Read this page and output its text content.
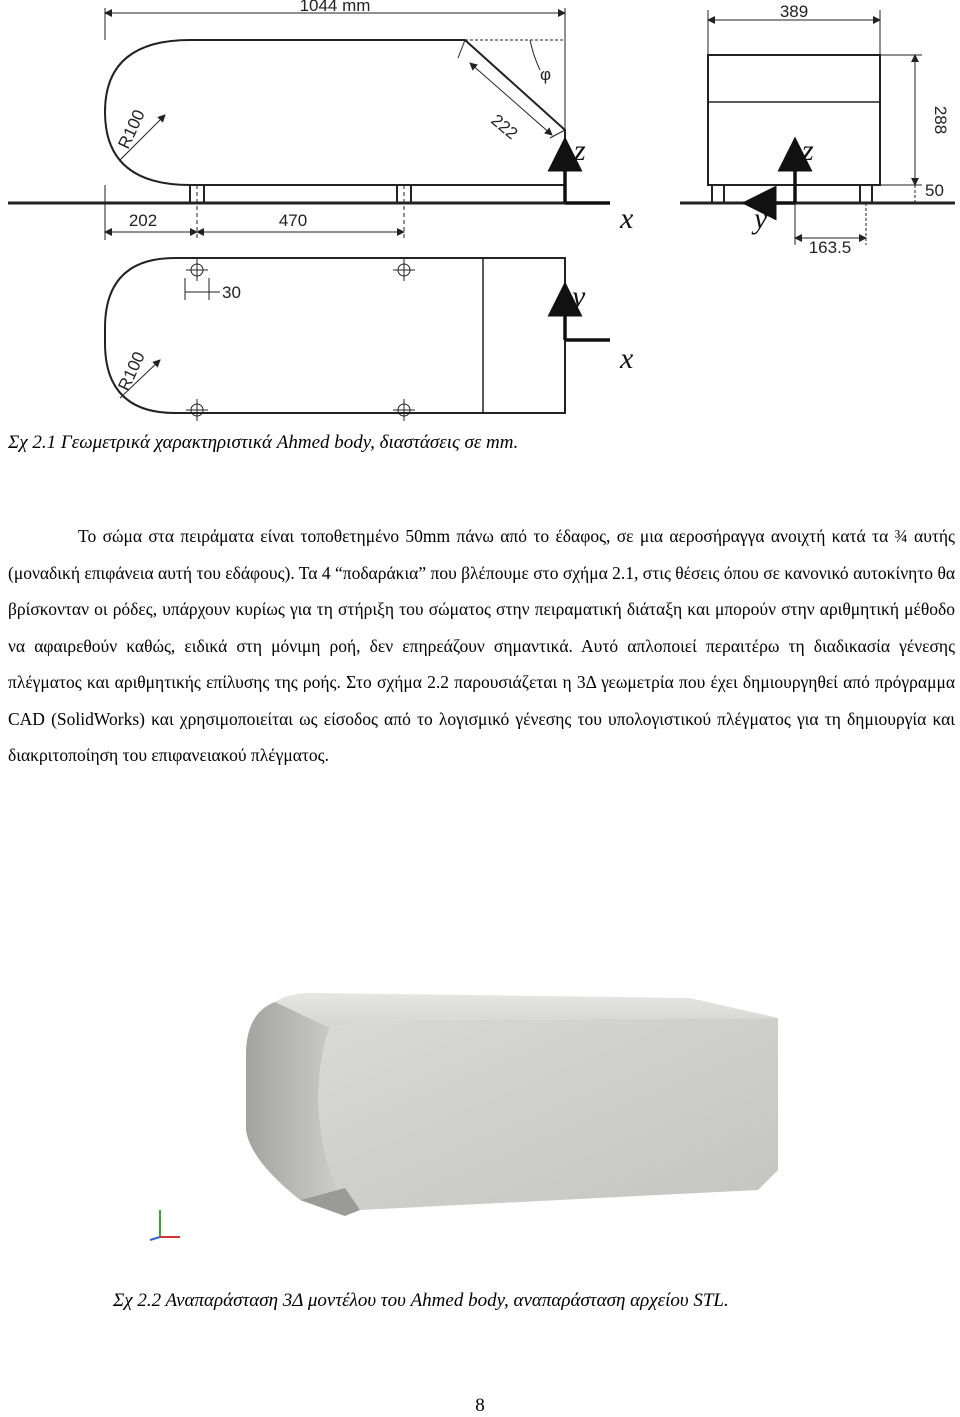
1044 mm
202	470
222
φ
R100	z
x
389
288
50
163.5
z
y
30
R100
y
x
Σχ 2.1 Γεωμετρικά χαρακτηριστικά Ahmed body, διαστάσεις σε mm.

Το σώμα στα πειράματα είναι τοποθετημένο 50mm πάνω από το έδαφος, σε μια αεροσήραγγα ανοιχτή κατά τα ¾ αυτής (μοναδική επιφάνεια αυτή του εδάφους). Τα 4 “ποδαράκια” που βλέπουμε στο σχήμα 2.1, στις θέσεις όπου σε κανονικό αυτοκίνητο θα βρίσκονταν οι ρόδες, υπάρχουν κυρίως για τη στήριξη του σώματος στην πειραματική διάταξη και μπορούν στην αριθμητική μέθοδο να αφαιρεθούν καθώς, ειδικά στη μόνιμη ροή, δεν επηρεάζουν σημαντικά. Αυτό απλοποιεί περαιτέρω τη διαδικασία γένεσης πλέγματος και αριθμητικής επίλυσης της ροής. Στο σχήμα 2.2 παρουσιάζεται η 3Δ γεωμετρία που έχει δημιουργηθεί από πρόγραμμα CAD (SolidWorks) και χρησιμοποιείται ως είσοδος από το λογισμικό γένεσης του υπολογιστικού πλέγματος για τη δημιουργία και διακριτοποίηση του επιφανειακού πλέγματος.

Σχ 2.2 Αναπαράσταση 3Δ μοντέλου του Ahmed body, αναπαράσταση αρχείου STL.
8
